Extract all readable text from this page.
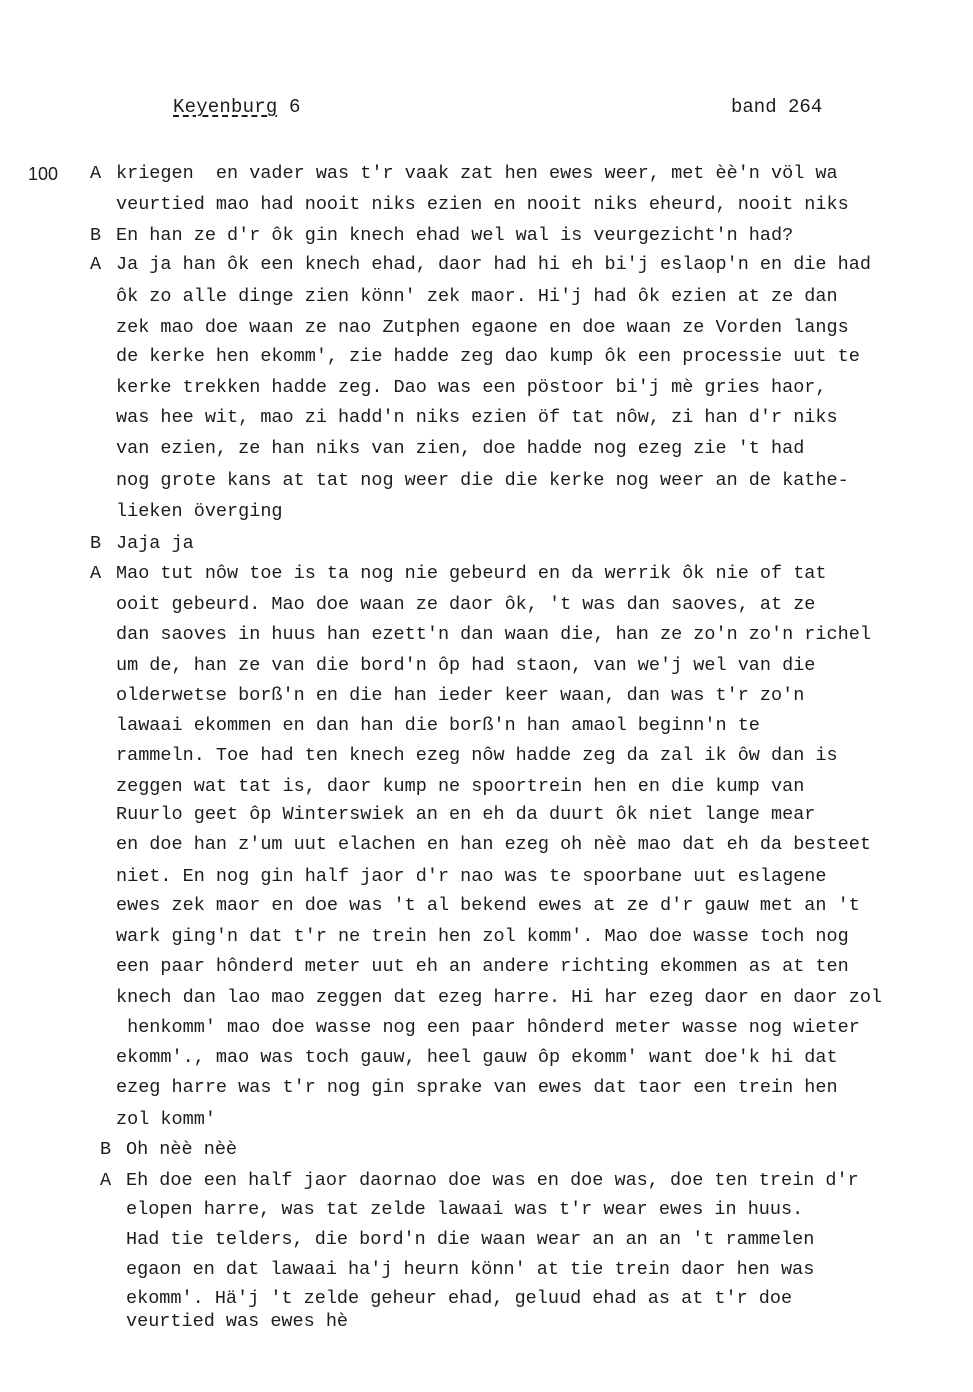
Keyenburg 6	band 264
100 A kriegen  en vader was t'r vaak zat hen ewes weer, met èè'n völ wa
veurtied mao had nooit niks ezien en nooit niks eheurd, nooit niks
B En han ze d'r ôk gin knech ehad wel wal is veurgezicht'n had?
A Ja ja han ôk een knech ehad, daor had hi eh bi'j eslaop'n en die had
ôk zo alle dinge zien könn' zek maor. Hi'j had ôk ezien at ze dan
zek mao doe waan ze nao Zutphen egaone en doe waan ze Vorden langs
de kerke hen ekomm', zie hadde zeg dao kump ôk een processie uut te
kerke trekken hadde zeg. Dao was een pöstoor bi'j mè gries haor,
was hee wit, mao zi hadd'n niks ezien öf tat nôw, zi han d'r niks
van ezien, ze han niks van zien, doe hadde nog ezeg zie 't had
nog grote kans at tat nog weer die die kerke nog weer an de kathe-
lieken överging
B Jaja ja
A Mao tut nôw toe is ta nog nie gebeurd en da werrik ôk nie of tat
ooit gebeurd. Mao doe waan ze daor ôk, 't was dan saoves, at ze
dan saoves in huus han ezett'n dan waan die, han ze zo'n zo'n richel
um de, han ze van die bord'n ôp had staon, van we'j wel van die
olderwetse borß'n en die han ieder keer waan, dan was t'r zo'n
lawaai ekommen en dan han die borß'n han amaol beginn'n te
rammeln. Toe had ten knech ezeg nôw hadde zeg da zal ik ôw dan is
zeggen wat tat is, daor kump ne spoortrein hen en die kump van
Ruurlo geet ôp Winterswiek an en eh da duurt ôk niet lange mear
en doe han z'um uut elachen en han ezeg oh nèè mao dat eh da besteet
niet. En nog gin half jaor d'r nao was te spoorbane uut eslagene
ewes zek maor en doe was 't al bekend ewes at ze d'r gauw met an 't
wark ging'n dat t'r ne trein hen zol komm'. Mao doe wasse toch nog
een paar hônderd meter uut eh an andere richting ekommen as at ten
knech dan lao mao zeggen dat ezeg harre. Hi har ezeg daor en daor zol
henkomm' mao doe wasse nog een paar hônderd meter wasse nog wieter
ekomm'., mao was toch gauw, heel gauw ôp ekomm' want doe'k hi dat
ezeg harre was t'r nog gin sprake van ewes dat taor een trein hen
zol komm'
B Oh nèè nèè
A Eh doe een half jaor daornao doe was en doe was, doe ten trein d'r
elopen harre, was tat zelde lawaai was t'r wear ewes in huus.
Had tie telders, die bord'n die waan wear an an an 't rammelen
egaon en dat lawaai ha'j heurn könn' at tie trein daor hen was
ekomm'. Hä'j 't zelde geheur ehad, geluud ehad as at t'r doe
veurtied was ewes hè
